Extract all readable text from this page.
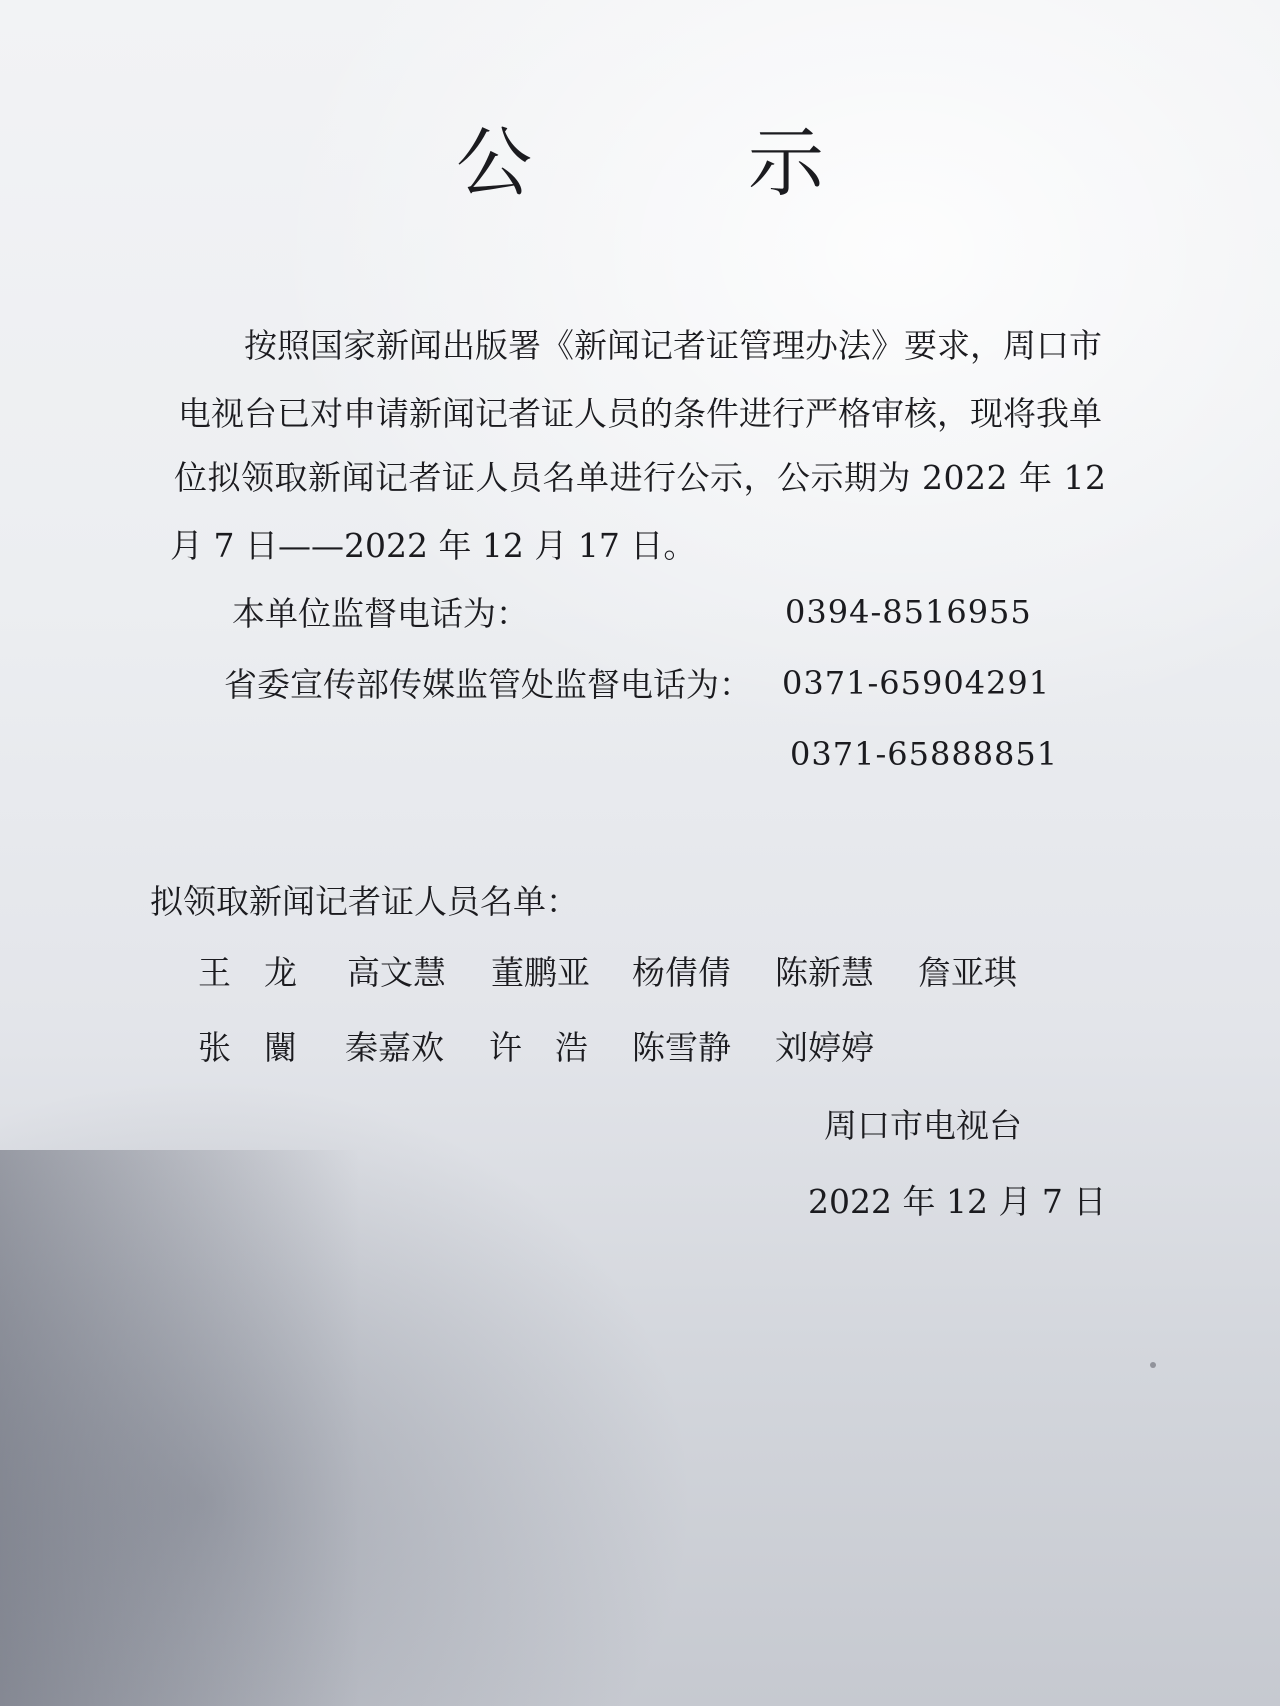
公　示
按照国家新闻出版署《新闻记者证管理办法》要求，周口市
电视台已对申请新闻记者证人员的条件进行严格审核，现将我单
位拟领取新闻记者证人员名单进行公示，公示期为 2022 年 12
月 7 日——2022 年 12 月 17 日。
本单位监督电话为：	0394-8516955
省委宣传部传媒监管处监督电话为： 0371-65904291
0371-65888851
拟领取新闻记者证人员名单：
王　龙 高文慧 董鹏亚 杨倩倩 陈新慧 詹亚琪
张　闤 秦嘉欢 许　浩 陈雪静 刘婷婷
周口市电视台
2022 年 12 月 7 日
